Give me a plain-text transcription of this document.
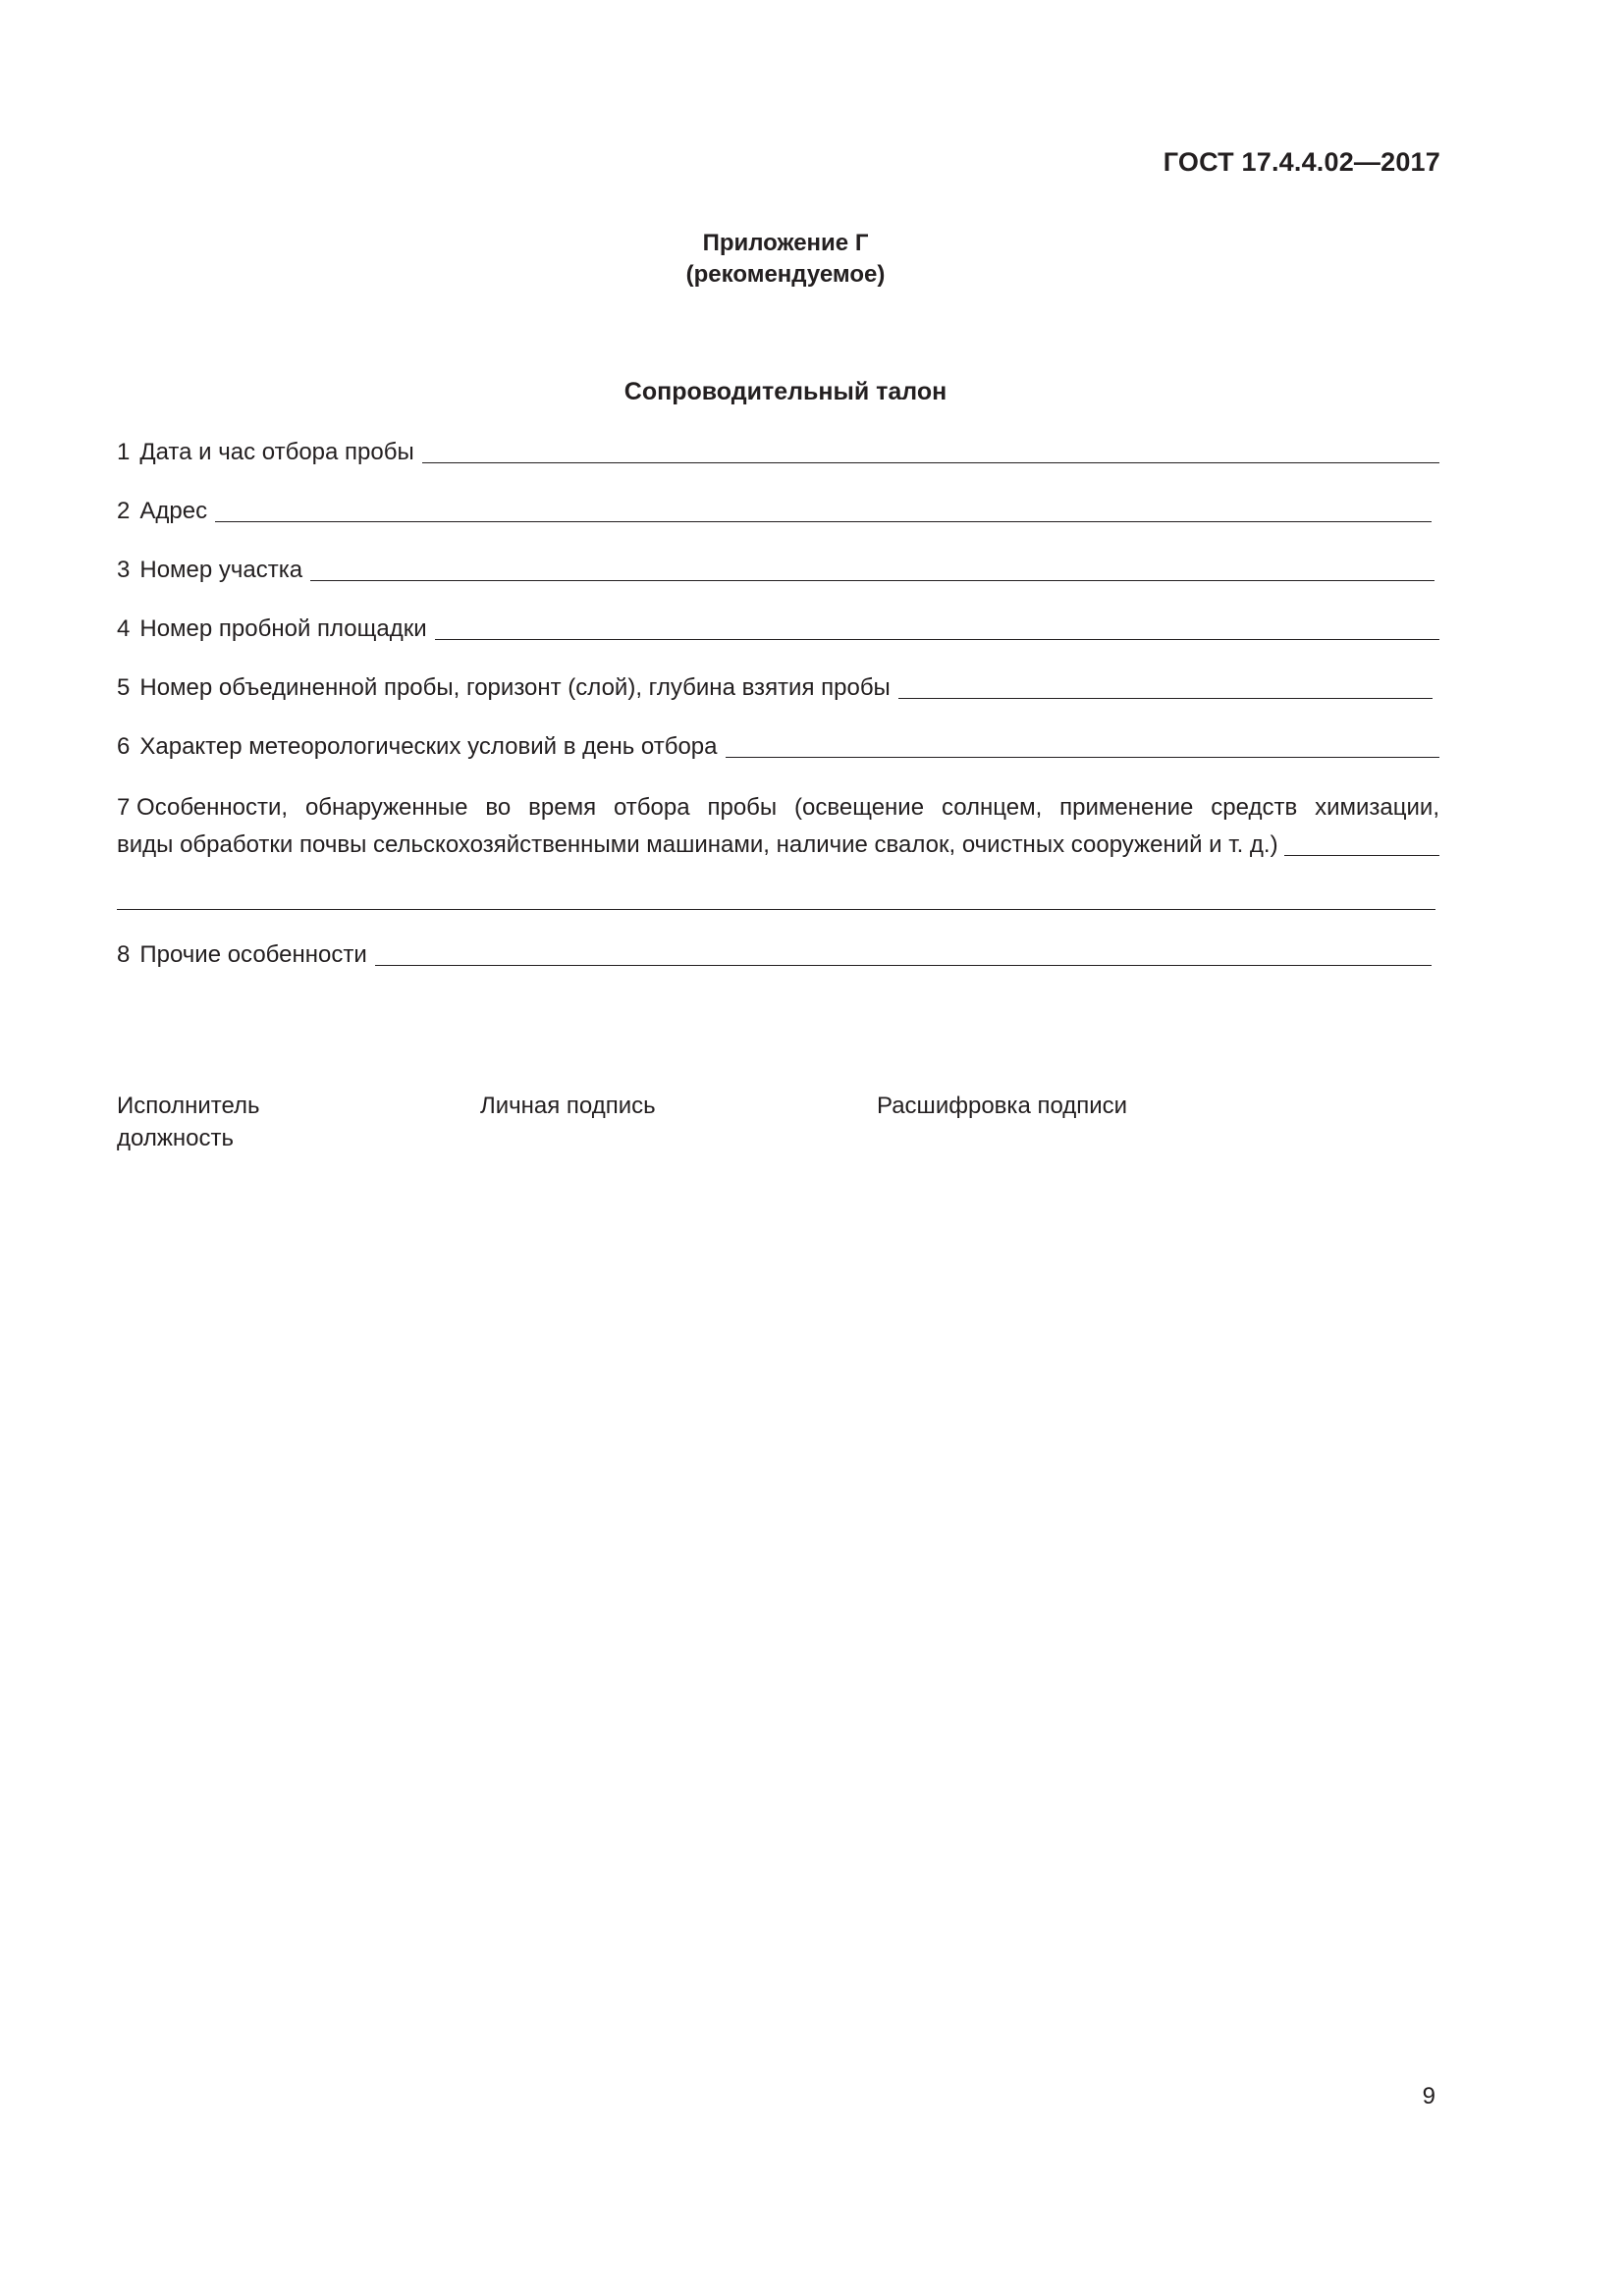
ГОСТ 17.4.4.02—2017
Приложение Г
(рекомендуемое)
Сопроводительный талон
1 Дата и час отбора пробы
2 Адрес
3 Номер участка
4 Номер пробной площадки
5 Номер объединенной пробы, горизонт (слой), глубина взятия пробы
6 Характер метеорологических условий в день отбора
7 Особенности, обнаруженные во время отбора пробы (освещение солнцем, применение средств химизации,
виды обработки почвы сельскохозяйственными машинами, наличие свалок, очистных сооружений и т. д.)
8 Прочие особенности
Исполнитель
должность
Личная подпись	Расшифровка подписи
9
